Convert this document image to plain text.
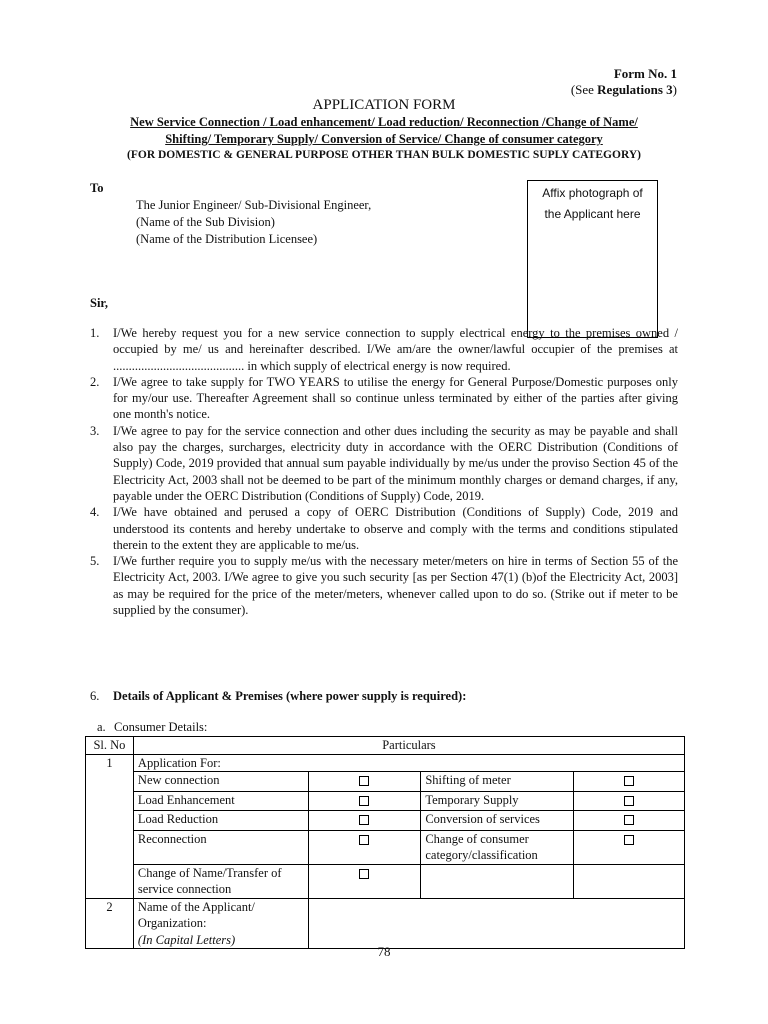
Form No. 1
(See Regulations 3)
APPLICATION FORM
New Service Connection / Load enhancement/ Load reduction/ Reconnection /Change of Name/
Shifting/ Temporary Supply/ Conversion of Service/ Change of consumer category
(FOR DOMESTIC & GENERAL PURPOSE OTHER THAN BULK DOMESTIC SUPLY CATEGORY)
To
The Junior Engineer/ Sub-Divisional Engineer,
(Name of the Sub Division)
(Name of the Distribution Licensee)
Affix photograph of
the Applicant here
Sir,
1.	I/We hereby request you for a new service connection to supply electrical energy to the premises owned / occupied by me/ us and hereinafter described. I/We am/are the owner/lawful occupier of the premises at .......................................... in which supply of electrical energy is now required.
2.	I/We agree to take supply for TWO YEARS to utilise the energy for General Purpose/Domestic purposes only for my/our use. Thereafter Agreement shall so continue unless terminated by either of the parties after giving one month's notice.
3.	I/We agree to pay for the service connection and other dues including the security as may be payable and shall also pay the charges, surcharges, electricity duty in accordance with the OERC Distribution (Conditions of Supply) Code, 2019 provided that annual sum payable individually by me/us under the proviso Section 45 of the Electricity Act, 2003 shall not be deemed to be part of the minimum monthly charges or demand charges, if any, payable under the OERC Distribution (Conditions of Supply) Code, 2019.
4.	I/We have obtained and perused a copy of OERC Distribution (Conditions of Supply) Code, 2019 and understood its contents and hereby undertake to observe and comply with the terms and conditions stipulated therein to the extent they are applicable to me/us.
5.	I/We further require you to supply me/us with the necessary meter/meters on hire in terms of Section 55 of the Electricity Act, 2003. I/We agree to give you such security [as per Section 47(1) (b)of the Electricity Act, 2003] as may be required for the price of the meter/meters, whenever called upon to do so. (Strike out if meter to be supplied by the consumer).
6. Details of Applicant & Premises (where power supply is required):
a. Consumer Details:
Sl. No	Particulars			
1	Application For:			
	New connection		Shifting of meter	
	Load Enhancement		Temporary Supply	
	Load Reduction		Conversion of services	
	Reconnection		Change of consumer category/classification	

	Change of Name/Transfer of
service connection			

2	Name of the Applicant/
Organization:
(In Capital Letters)			

78
